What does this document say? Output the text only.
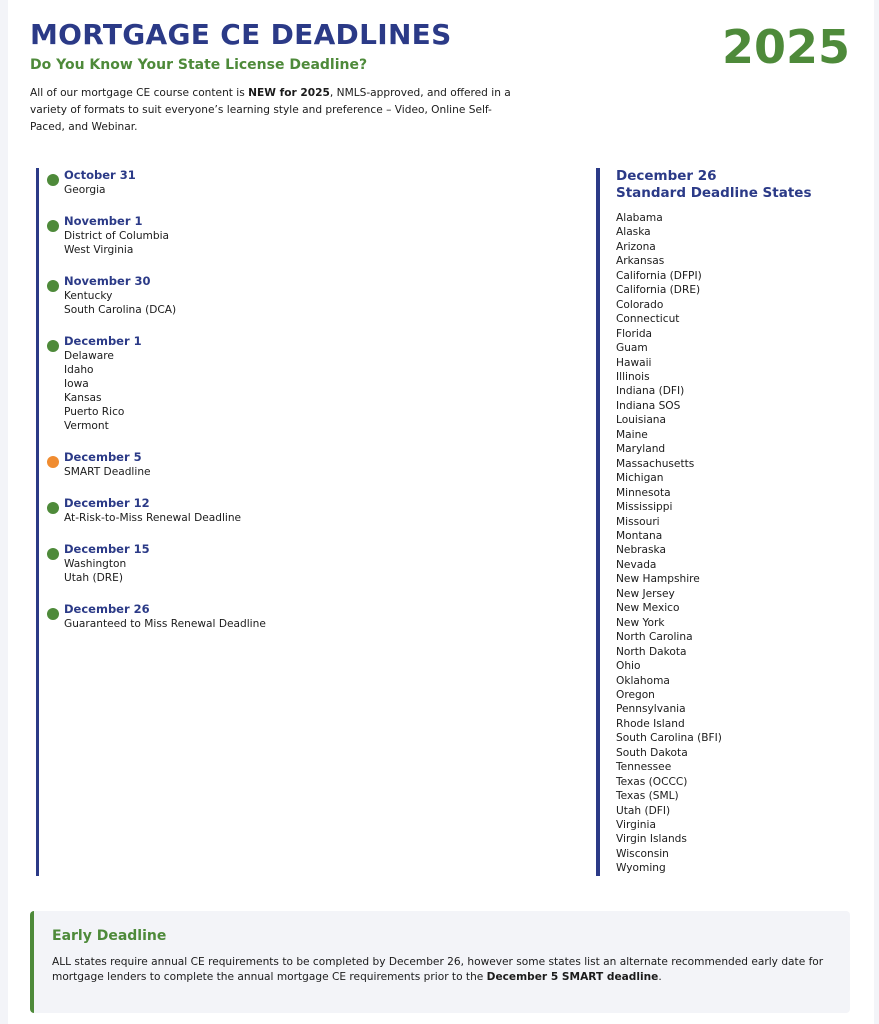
MORTGAGE CE DEADLINES	2025
Do You Know Your State License Deadline?

All of our mortgage CE course content is NEW for 2025, NMLS-approved, and offered in a variety of formats to suit everyone’s learning style and preference – Video, Online Self-Paced, and Webinar.

October 31
Georgia
November 1
District of Columbia
West Virginia
November 30
Kentucky
South Carolina (DCA)
December 1
Delaware
Idaho
Iowa
Kansas
Puerto Rico
Vermont
December 5
SMART Deadline
December 12
At-Risk-to-Miss Renewal Deadline
December 15
Washington
Utah (DRE)
December 26
Guaranteed to Miss Renewal Deadline
December 26
Standard Deadline States
Alabama
Alaska
Arizona
Arkansas
California (DFPI)
California (DRE)
Colorado
Connecticut
Florida
Guam
Hawaii
Illinois
Indiana (DFI)
Indiana SOS
Louisiana
Maine
Maryland
Massachusetts
Michigan
Minnesota
Mississippi
Missouri
Montana
Nebraska
Nevada
New Hampshire
New Jersey
New Mexico
New York
North Carolina
North Dakota
Ohio
Oklahoma
Oregon
Pennsylvania
Rhode Island
South Carolina (BFI)
South Dakota
Tennessee
Texas (OCCC)
Texas (SML)
Utah (DFI)
Virginia
Virgin Islands
Wisconsin
Wyoming
Early Deadline
ALL states require annual CE requirements to be completed by December 26, however some states list an alternate recommended early date for mortgage lenders to complete the annual mortgage CE requirements prior to the December 5 SMART deadline.
